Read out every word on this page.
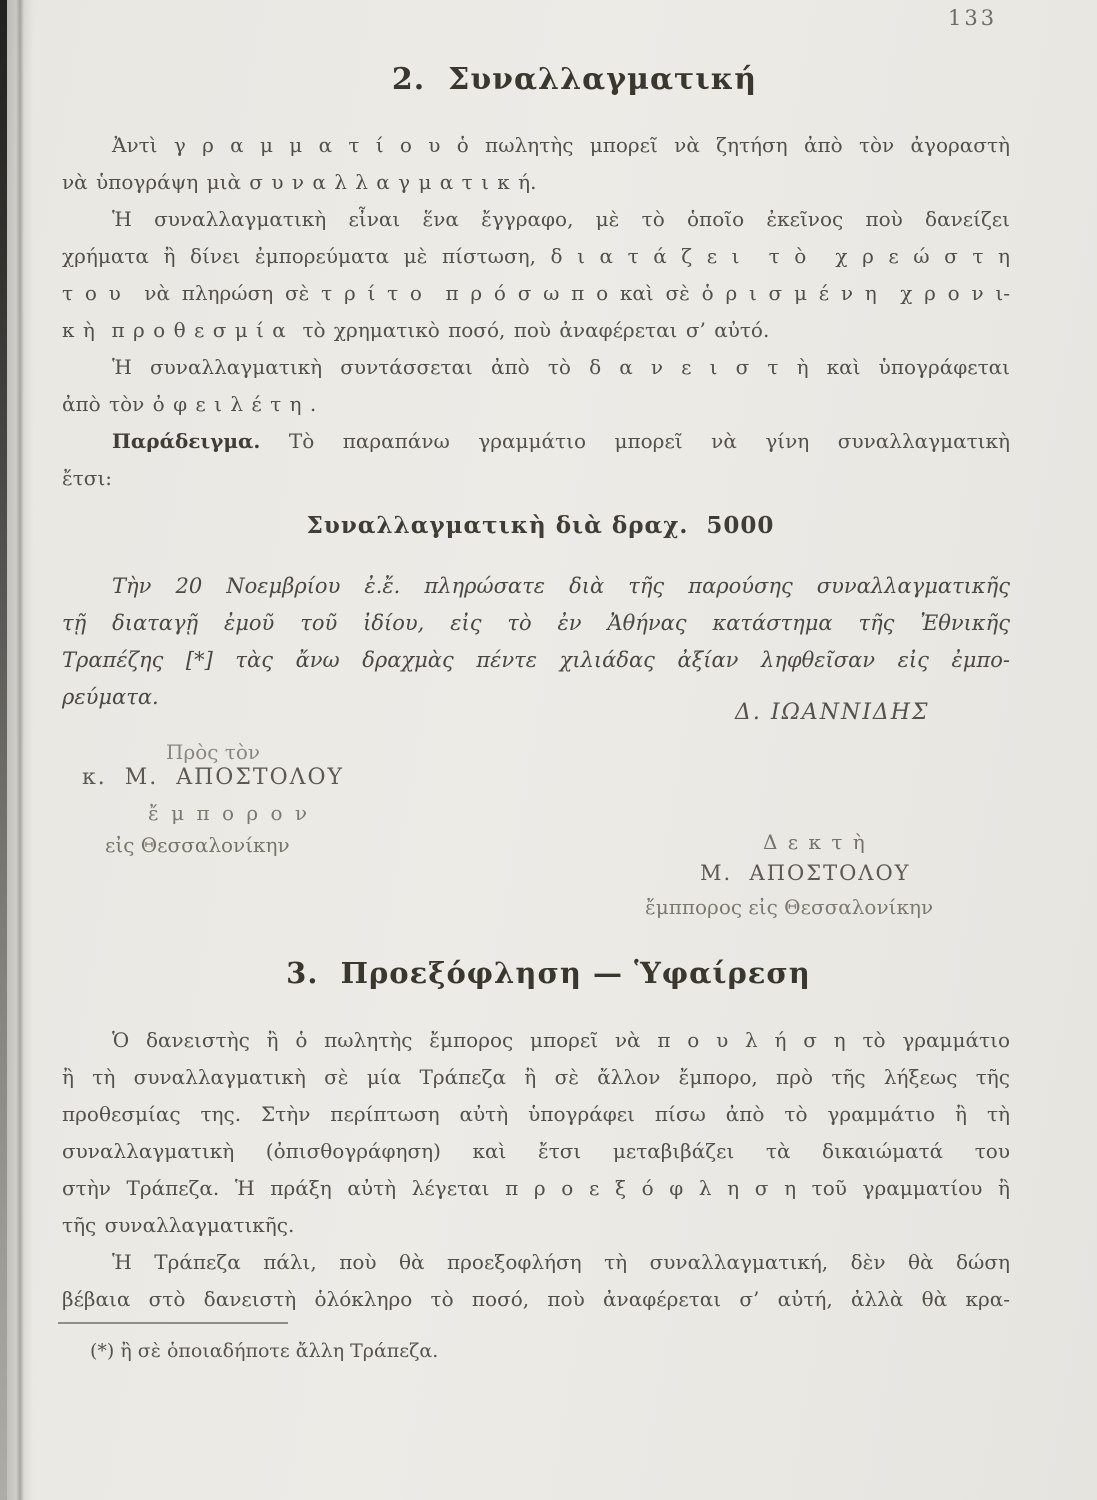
133
2.  Συναλλαγματική
Ἀντὶ γ ρ α μ μ α τ ί ο υ ὁ πωλητὴς μπορεῖ νὰ ζητήση ἀπὸ τὸν ἀγοραστὴ
νὰ ὑπογράψη μιὰ σ υ ν α λ λ α γ μ α τ ι κ ή.
Ἡ συναλλαγματικὴ εἶναι ἕνα ἔγγραφο, μὲ τὸ ὁποῖο ἐκεῖνος ποὺ δανείζει
χρήματα ἢ δίνει ἐμπορεύματα μὲ πίστωση, δ ι α τ ά ζ ε ι  τ ὸ  χ ρ ε ώ σ τ η
τ ο υ  νὰ πληρώση σὲ τ ρ ί τ ο  π ρ ό σ ω π ο καὶ σὲ ὁ ρ ι σ μ έ ν η  χ ρ ο ν ι-
κ ὴ  π ρ ο θ ε σ μ ί α  τὸ χρηματικὸ ποσό, ποὺ ἀναφέρεται σ’ αὐτό.
Ἡ συναλλαγματικὴ συντάσσεται ἀπὸ τὸ δ α ν ε ι σ τ ὴ καὶ ὑπογράφεται
ἀπὸ τὸν ὀ φ ε ι λ έ τ η .
Παράδειγμα. Τὸ παραπάνω γραμμάτιο μπορεῖ νὰ γίνη συναλλαγματικὴ
ἔτσι:
Συναλλαγματικὴ διὰ δραχ.  5000
Τὴν 20 Νοεμβρίου ἐ.ἔ. πληρώσατε διὰ τῆς παρούσης συναλλαγματικῆς
τῇ διαταγῇ ἐμοῦ τοῦ ἰδίου, εἰς τὸ ἐν Ἀθήνας κατάστημα τῆς Ἐθνικῆς
Τραπέζης [*] τὰς ἄνω δραχμὰς πέντε χιλιάδας ἀξίαν ληφθεῖσαν εἰς ἐμπο-
ρεύματα.
Δ. ΙΩΑΝΝΙΔΗΣ
Πρὸς τὸν
κ.  Μ.  ΑΠΟΣΤΟΛΟΥ
ἔ μ π ο ρ ο ν
εἰς Θεσσαλονίκην	Δ ε κ τ ὴ
Μ.  ΑΠΟΣΤΟΛΟΥ
ἔμππορος εἰς Θεσσαλονίκην
3.  Προεξόφληση — Ὑφαίρεση
Ὁ δανειστὴς ἢ ὁ πωλητὴς ἔμπορος μπορεῖ νὰ π ο υ λ ή σ η τὸ γραμμάτιο
ἢ τὴ συναλλαγματικὴ σὲ μία Τράπεζα ἢ σὲ ἄλλον ἔμπορο, πρὸ τῆς λήξεως τῆς
προθεσμίας της. Στὴν περίπτωση αὐτὴ ὑπογράφει πίσω ἀπὸ τὸ γραμμάτιο ἢ τὴ
συναλλαγματικὴ (ὀπισθογράφηση) καὶ ἔτσι μεταβιβάζει τὰ δικαιώματά του
στὴν Τράπεζα. Ἡ πράξη αὐτὴ λέγεται π ρ ο ε ξ ό φ λ η σ η τοῦ γραμματίου ἢ
τῆς συναλλαγματικῆς.
Ἡ Τράπεζα πάλι, ποὺ θὰ προεξοφλήση τὴ συναλλαγματική, δὲν θὰ δώση
βέβαια στὸ δανειστὴ ὁλόκληρο τὸ ποσό, ποὺ ἀναφέρεται σ’ αὐτή, ἀλλὰ θὰ κρα-
(*) ἢ σὲ ὁποιαδήποτε ἄλλη Τράπεζα.
